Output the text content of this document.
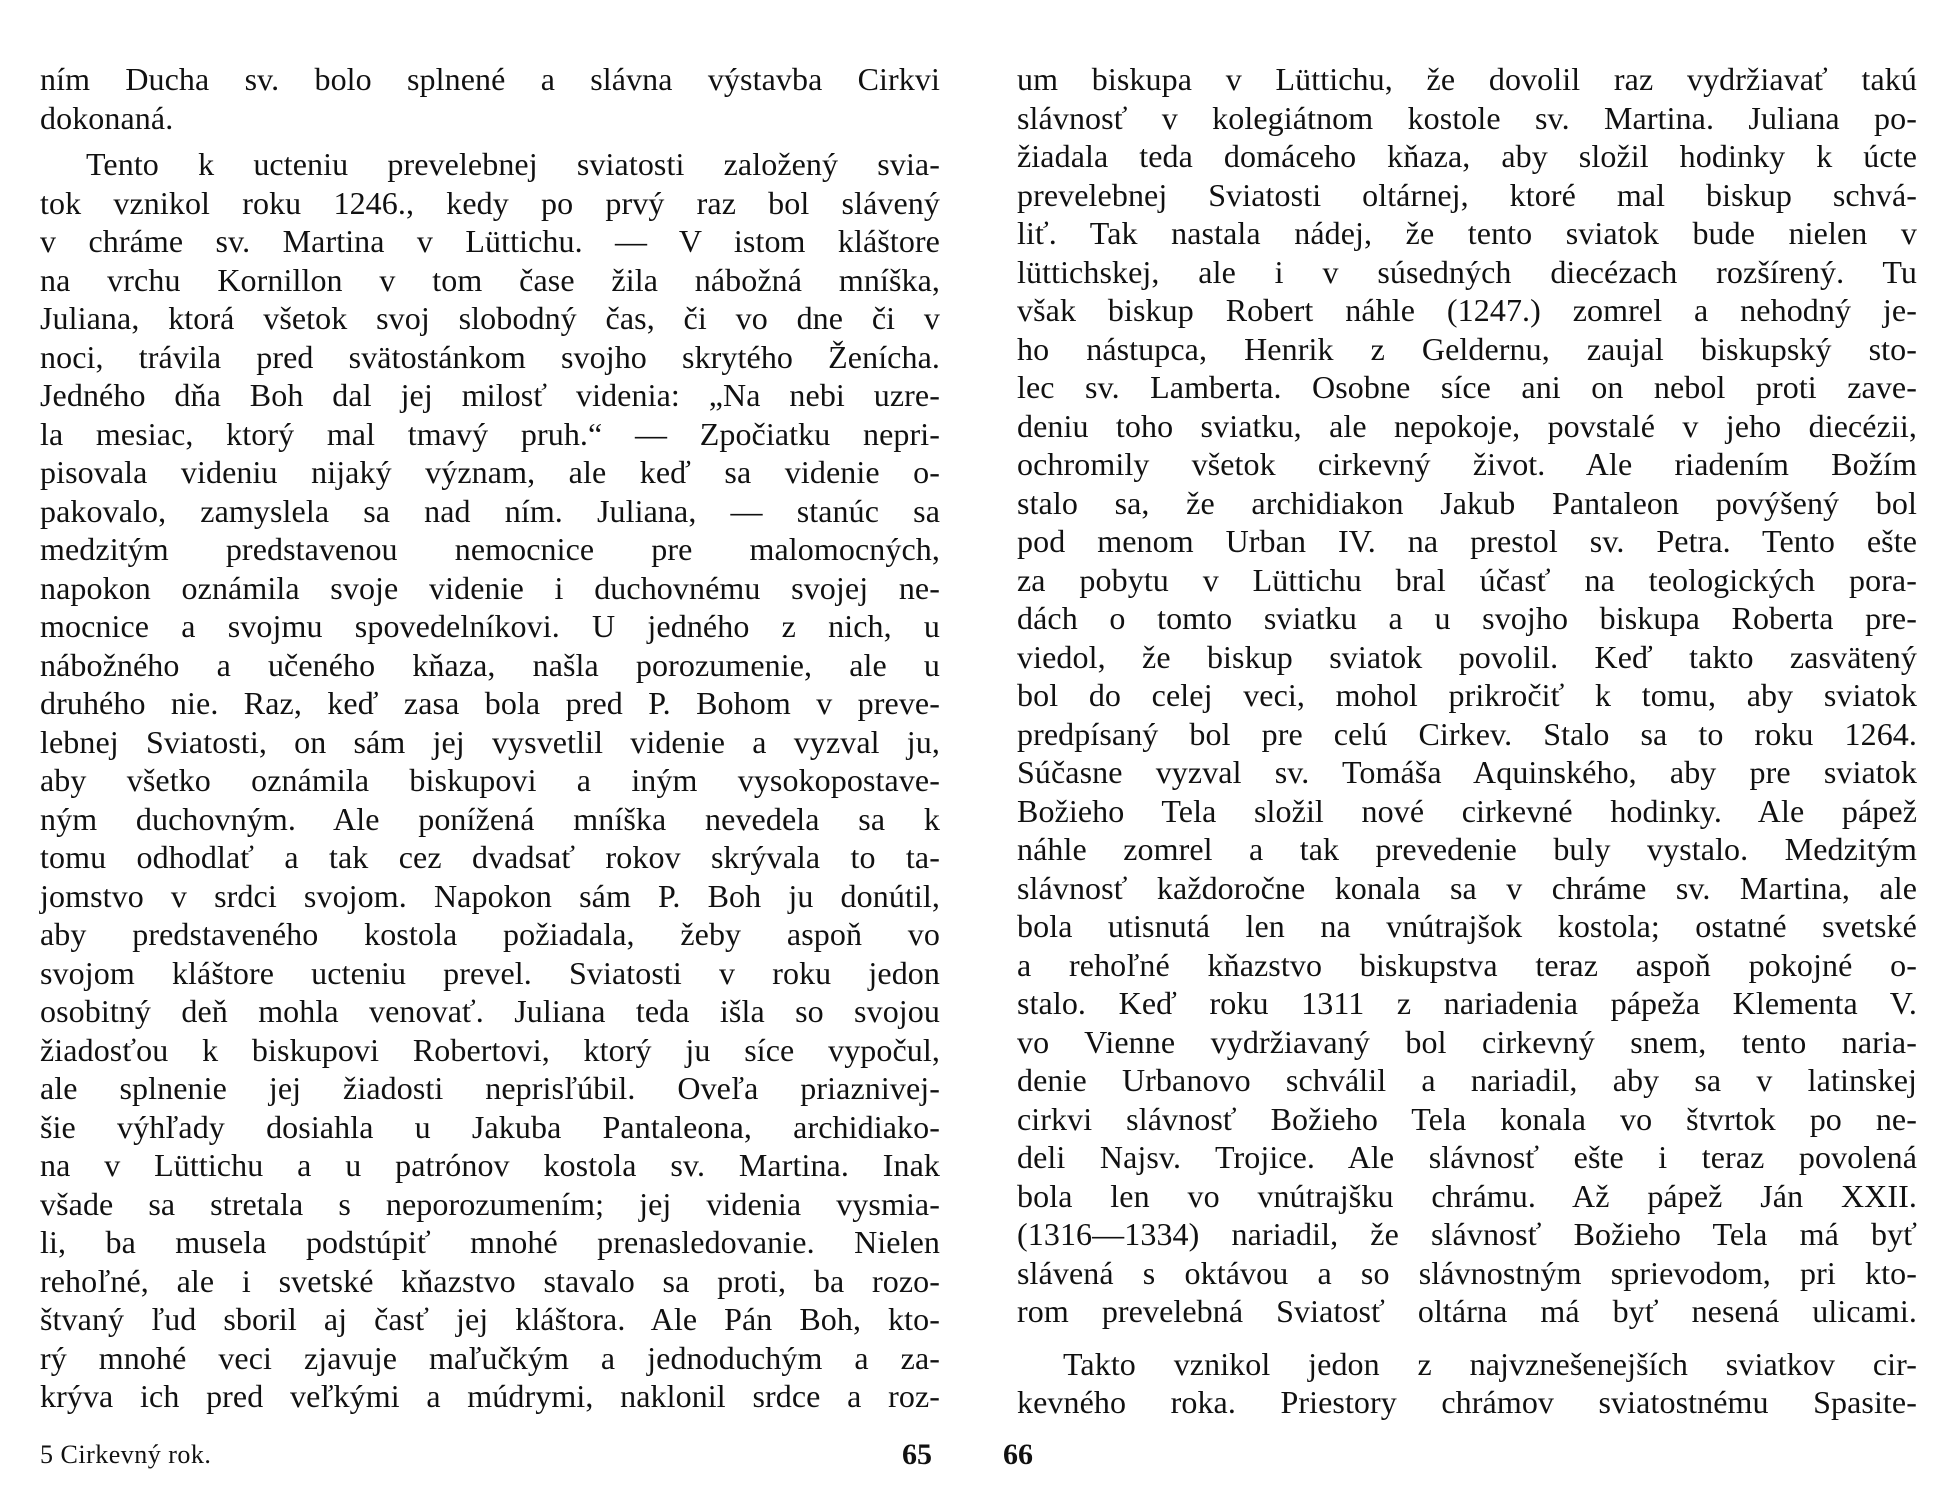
ním Ducha sv. bolo splnené a slávna výstavba Cirkvi
dokonaná.
Tento k ucteniu prevelebnej sviatosti založený svia-
tok vznikol roku 1246., kedy po prvý raz bol slávený
v chráme sv. Martina v Lüttichu. — V istom kláštore
na vrchu Kornillon v tom čase žila nábožná mníška,
Juliana, ktorá všetok svoj slobodný čas, či vo dne či v
noci, trávila pred svätostánkom svojho skrytého Ženícha.
Jedného dňa Boh dal jej milosť videnia: „Na nebi uzre-
la mesiac, ktorý mal tmavý pruh.“ — Zpočiatku nepri-
pisovala videniu nijaký význam, ale keď sa videnie o-
pakovalo, zamyslela sa nad ním. Juliana, — stanúc sa
medzitým predstavenou nemocnice pre malomocných,
napokon oznámila svoje videnie i duchovnému svojej ne-
mocnice a svojmu spovedelníkovi. U jedného z nich, u
nábožného a učeného kňaza, našla porozumenie, ale u
druhého nie. Raz, keď zasa bola pred P. Bohom v preve-
lebnej Sviatosti, on sám jej vysvetlil videnie a vyzval ju,
aby všetko oznámila biskupovi a iným vysokopostave-
ným duchovným. Ale ponížená mníška nevedela sa k
tomu odhodlať a tak cez dvadsať rokov skrývala to ta-
jomstvo v srdci svojom. Napokon sám P. Boh ju donútil,
aby predstaveného kostola požiadala, žeby aspoň vo
svojom kláštore ucteniu prevel. Sviatosti v roku jedon
osobitný deň mohla venovať. Juliana teda išla so svojou
žiadosťou k biskupovi Robertovi, ktorý ju síce vypočul,
ale splnenie jej žiadosti neprisľúbil. Oveľa priaznivej-
šie výhľady dosiahla u Jakuba Pantaleona, archidiako-
na v Lüttichu a u patrónov kostola sv. Martina. Inak
všade sa stretala s neporozumením; jej videnia vysmia-
li, ba musela podstúpiť mnohé prenasledovanie. Nielen
rehoľné, ale i svetské kňazstvo stavalo sa proti, ba rozo-
štvaný ľud sboril aj časť jej kláštora. Ale Pán Boh, kto-
rý mnohé veci zjavuje maľučkým a jednoduchým a za-
krýva ich pred veľkými a múdrymi, naklonil srdce a roz-
5 Cirkevný rok.	65
um biskupa v Lüttichu, že dovolil raz vydržiavať takú
slávnosť v kolegiátnom kostole sv. Martina. Juliana po-
žiadala teda domáceho kňaza, aby složil hodinky k úcte
prevelebnej Sviatosti oltárnej, ktoré mal biskup schvá-
liť. Tak nastala nádej, že tento sviatok bude nielen v
lüttichskej, ale i v súsedných diecézach rozšírený. Tu
však biskup Robert náhle (1247.) zomrel a nehodný je-
ho nástupca, Henrik z Geldernu, zaujal biskupský sto-
lec sv. Lamberta. Osobne síce ani on nebol proti zave-
deniu toho sviatku, ale nepokoje, povstalé v jeho diecézii,
ochromily všetok cirkevný život. Ale riadením Božím
stalo sa, že archidiakon Jakub Pantaleon povýšený bol
pod menom Urban IV. na prestol sv. Petra. Tento ešte
za pobytu v Lüttichu bral účasť na teologických pora-
dách o tomto sviatku a u svojho biskupa Roberta pre-
viedol, že biskup sviatok povolil. Keď takto zasvätený
bol do celej veci, mohol prikročiť k tomu, aby sviatok
predpísaný bol pre celú Cirkev. Stalo sa to roku 1264.
Súčasne vyzval sv. Tomáša Aquinského, aby pre sviatok
Božieho Tela složil nové cirkevné hodinky. Ale pápež
náhle zomrel a tak prevedenie buly vystalo. Medzitým
slávnosť každoročne konala sa v chráme sv. Martina, ale
bola utisnutá len na vnútrajšok kostola; ostatné svetské
a rehoľné kňazstvo biskupstva teraz aspoň pokojné o-
stalo. Keď roku 1311 z nariadenia pápeža Klementa V.
vo Vienne vydržiavaný bol cirkevný snem, tento naria-
denie Urbanovo schválil a nariadil, aby sa v latinskej
cirkvi slávnosť Božieho Tela konala vo štvrtok po ne-
deli Najsv. Trojice. Ale slávnosť ešte i teraz povolená
bola len vo vnútrajšku chrámu. Až pápež Ján XXII.
(1316—1334) nariadil, že slávnosť Božieho Tela má byť
slávená s oktávou a so slávnostným sprievodom, pri kto-
rom prevelebná Sviatosť oltárna má byť nesená ulicami.
Takto vznikol jedon z najvznešenejších sviatkov cir-
kevného roka. Priestory chrámov sviatostnému Spasite-
66
